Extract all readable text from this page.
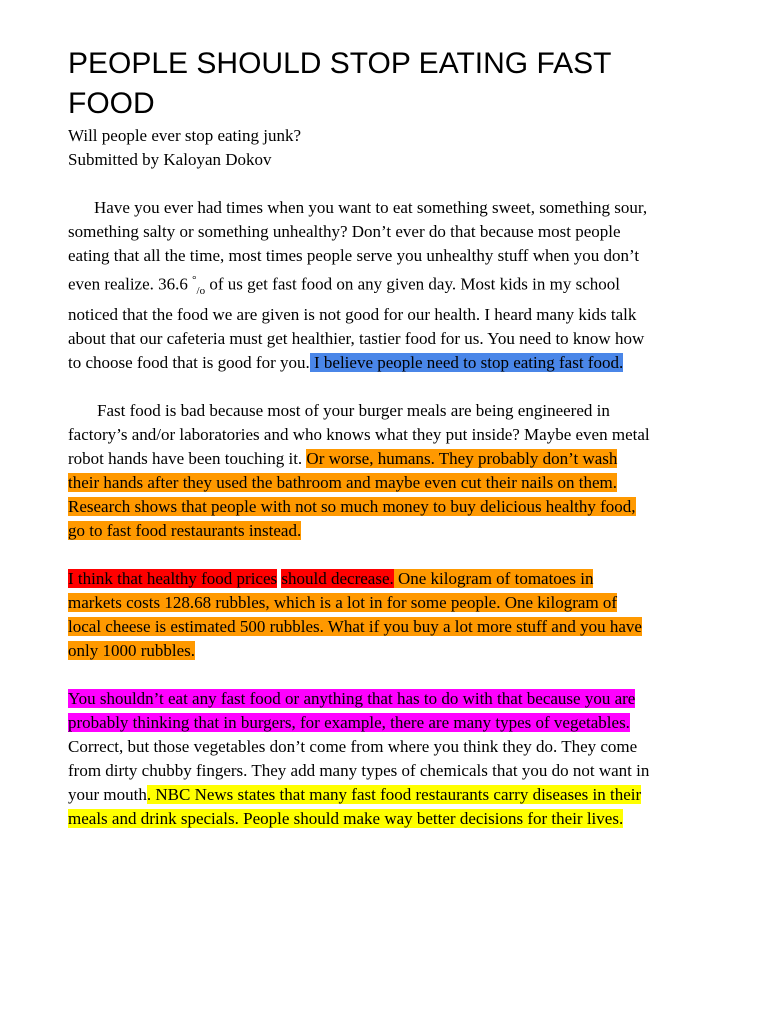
PEOPLE SHOULD STOP EATING FAST
FOOD

Will people ever stop eating junk?

Submitted by Kaloyan Dokov

Have you ever had times when you want to eat something sweet, something sour,
something salty or something unhealthy? Don’t ever do that because most people
eating that all the time, most times people serve you unhealthy stuff when you don’t
even realize. 36.6 °$_{/o}$ of us get fast food on any given day. Most kids in my school
noticed that the food we are given is not good for our health. I heard many kids talk
about that our cafeteria must get healthier, tastier food for us. You need to know how
to choose food that is good for you. I believe people need to stop eating fast food.
Fast food is bad because most of your burger meals are being engineered in
factory’s and/or laboratories and who knows what they put inside? Maybe even metal
robot hands have been touching it. Or worse, humans. They probably don’t wash
their hands after they used the bathroom and maybe even cut their nails on them.
Research shows that people with not so much money to buy delicious healthy food,
go to fast food restaurants instead.
I think that healthy food prices should decrease. One kilogram of tomatoes in
markets costs 128.68 rubbles, which is a lot in for some people. One kilogram of
local cheese is estimated 500 rubbles. What if you buy a lot more stuff and you have
only 1000 rubbles.
You shouldn’t eat any fast food or anything that has to do with that because you are
probably thinking that in burgers, for example, there are many types of vegetables.
Correct, but those vegetables don’t come from where you think they do. They come
from dirty chubby fingers. They add many types of chemicals that you do not want in
your mouth. NBC News states that many fast food restaurants carry diseases in their
meals and drink specials. People should make way better decisions for their lives.
